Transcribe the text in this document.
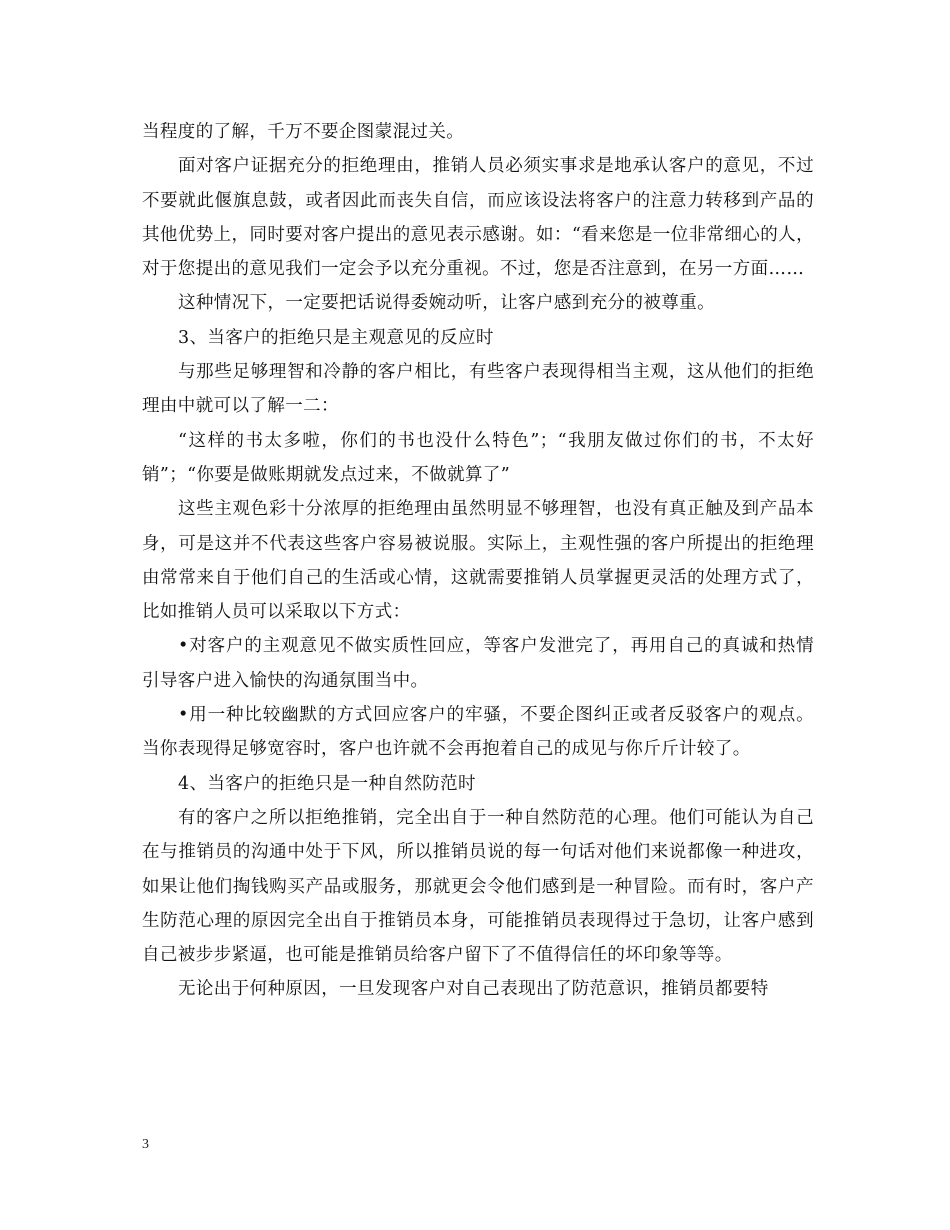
当程度的了解，千万不要企图蒙混过关。

面对客户证据充分的拒绝理由，推销人员必须实事求是地承认客户的意见，不过不要就此偃旗息鼓，或者因此而丧失自信，而应该设法将客户的注意力转移到产品的其他优势上，同时要对客户提出的意见表示感谢。如：“看来您是一位非常细心的人，对于您提出的意见我们一定会予以充分重视。不过，您是否注意到，在另一方面……

这种情况下，一定要把话说得委婉动听，让客户感到充分的被尊重。

3、当客户的拒绝只是主观意见的反应时

与那些足够理智和冷静的客户相比，有些客户表现得相当主观，这从他们的拒绝理由中就可以了解一二：

“这样的书太多啦，你们的书也没什么特色”；“我朋友做过你们的书，不太好销”；“你要是做账期就发点过来，不做就算了”

这些主观色彩十分浓厚的拒绝理由虽然明显不够理智，也没有真正触及到产品本身，可是这并不代表这些客户容易被说服。实际上，主观性强的客户所提出的拒绝理由常常来自于他们自己的生活或心情，这就需要推销人员掌握更灵活的处理方式了，比如推销人员可以采取以下方式：

•对客户的主观意见不做实质性回应，等客户发泄完了，再用自己的真诚和热情引导客户进入愉快的沟通氛围当中。

•用一种比较幽默的方式回应客户的牢骚，不要企图纠正或者反驳客户的观点。当你表现得足够宽容时，客户也许就不会再抱着自己的成见与你斤斤计较了。

4、当客户的拒绝只是一种自然防范时

有的客户之所以拒绝推销，完全出自于一种自然防范的心理。他们可能认为自己在与推销员的沟通中处于下风，所以推销员说的每一句话对他们来说都像一种进攻，如果让他们掏钱购买产品或服务，那就更会令他们感到是一种冒险。而有时，客户产生防范心理的原因完全出自于推销员本身，可能推销员表现得过于急切，让客户感到自己被步步紧逼，也可能是推销员给客户留下了不值得信任的坏印象等等。

无论出于何种原因，一旦发现客户对自己表现出了防范意识，推销员都要特

3
